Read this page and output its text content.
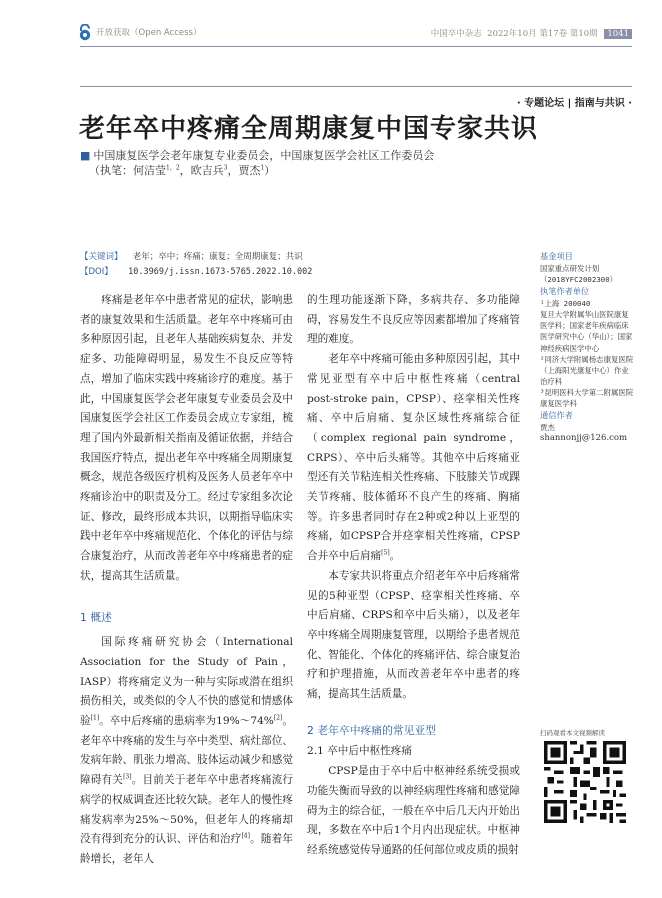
开放获取（Open Access）	中国卒中杂志 2022年10月 第17卷 第10期 1041
· 专题论坛 | 指南与共识 ·
老年卒中疼痛全周期康复中国专家共识
■ 中国康复医学会老年康复专业委员会，中国康复医学会社区工作委员会
（执笔：何洁莹$^{1,2}$，欧吉兵$^3$，贾杰$^1$）
【关键词】 老年；卒中；疼痛；康复；全周期康复；共识
【DOI】 10.3969/j.issn.1673-5765.2022.10.002

疼痛是老年卒中患者常见的症状，影响患者的康复效果和生活质量。老年卒中疼痛可由多种原因引起，且老年人基础疾病复杂、并发症多、功能障碍明显，易发生不良反应等特点，增加了临床实践中疼痛诊疗的难度。基于此，中国康复医学会老年康复专业委员会及中国康复医学会社区工作委员会成立专家组，梳理了国内外最新相关指南及循证依据，并结合我国医疗特点，提出老年卒中疼痛全周期康复概念，规范各级医疗机构及医务人员老年卒中疼痛诊治中的职责及分工。经过专家组多次论证、修改，最终形成本共识，以期指导临床实践中老年卒中疼痛规范化、个体化的评估与综合康复治疗，从而改善老年卒中疼痛患者的症状，提高其生活质量。

1 概述

国际疼痛研究协会（International Association for the Study of Pain，IASP）将疼痛定义为一种与实际或潜在组织损伤相关，或类似的令人不快的感觉和情感体验[1]。卒中后疼痛的患病率为19%～74%[2]。老年卒中疼痛的发生与卒中类型、病灶部位、发病年龄、肌张力增高、肢体运动减少和感觉障碍有关[3]。目前关于老年卒中患者疼痛流行病学的权威调查还比较欠缺。老年人的慢性疼痛发病率为25%～50%，但老年人的疼痛却没有得到充分的认识、评估和治疗[4]。随着年龄增长，老年人

的生理功能逐渐下降，多病共存、多功能障碍，容易发生不良反应等因素都增加了疼痛管理的难度。

老年卒中疼痛可能由多种原因引起，其中常见亚型有卒中后中枢性疼痛（central post-stroke pain，CPSP）、痉挛相关性疼痛、卒中后肩痛、复杂区域性疼痛综合征（complex regional pain syndrome，CRPS）、卒中后头痛等。其他卒中后疼痛亚型还有关节粘连相关性疼痛、下肢膝关节或踝关节疼痛、肢体循环不良产生的疼痛、胸痛等。许多患者同时存在2种或2种以上亚型的疼痛，如CPSP合并痉挛相关性疼痛，CPSP合并卒中后肩痛[5]。

本专家共识将重点介绍老年卒中后疼痛常见的5种亚型（CPSP、痉挛相关性疼痛、卒中后肩痛、CRPS和卒中后头痛），以及老年卒中疼痛全周期康复管理，以期给予患者规范化、智能化、个体化的疼痛评估、综合康复治疗和护理措施，从而改善老年卒中患者的疼痛，提高其生活质量。

2 老年卒中疼痛的常见亚型

2.1 卒中后中枢性疼痛

CPSP是由于卒中后中枢神经系统受损或功能失衡而导致的以神经病理性疼痛和感觉障碍为主的综合征，一般在卒中后几天内开始出现，多数在卒中后1个月内出现症状。中枢神经系统感觉传导通路的任何部位或皮质的损射

基金项目
国家重点研发计划（2018YFC2002300）
执笔作者单位
¹上海 200040
复旦大学附属华山医院康复医学科；国家老年疾病临床医学研究中心（华山）；国家神经疾病医学中心
²同济大学附属杨志康复医院（上海阳光康复中心）作业治疗科
³昆明医科大学第二附属医院康复医学科
通信作者
贾杰
shannonjj@126.com
扫码观看本文视频解读
